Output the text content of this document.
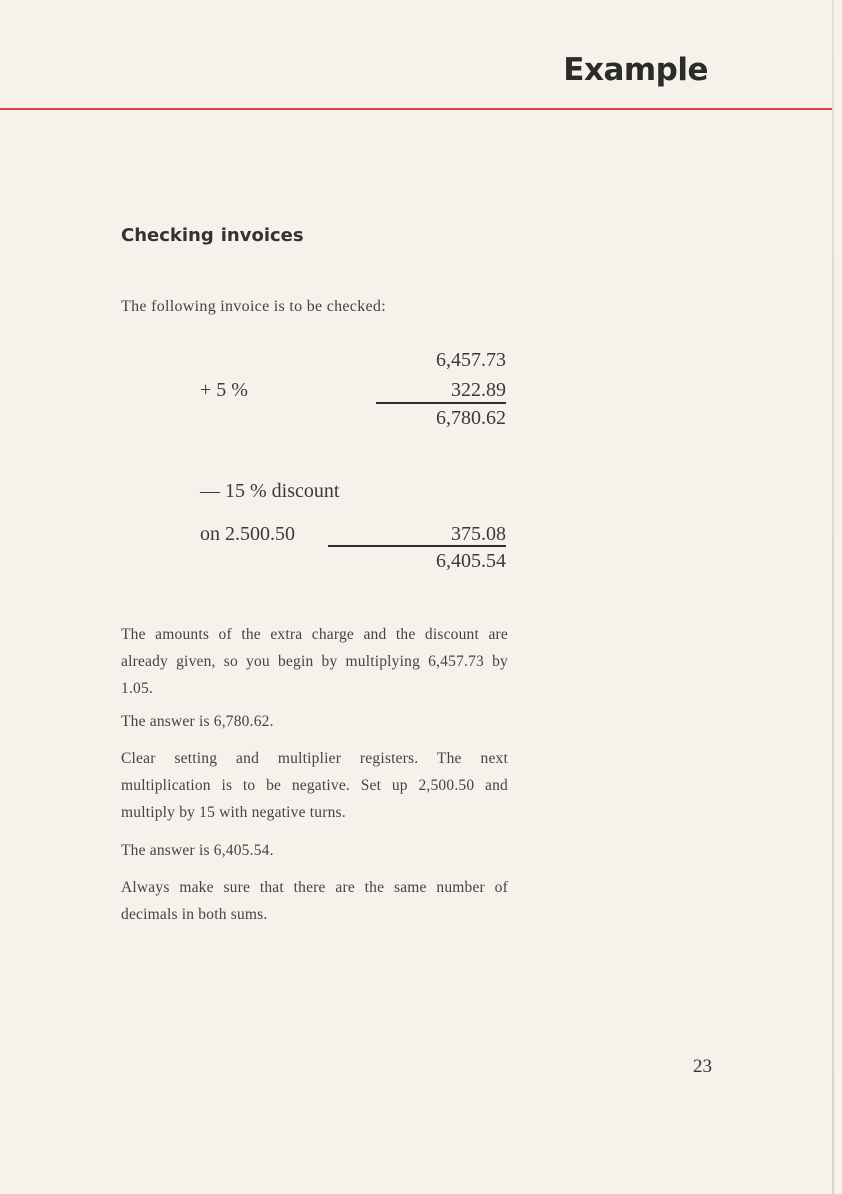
Example
Checking invoices
The following invoice is to be checked:
6,457.73
+ 5 %	322.89
6,780.62
— 15 % discount
on 2.500.50	375.08
6,405.54
The amounts of the extra charge and the discount are already given, so you begin by multiplying 6,457.73 by 1.05.
The answer is 6,780.62.
Clear setting and multiplier registers. The next multiplication is to be negative. Set up 2,500.50 and multiply by 15 with negative turns.
The answer is 6,405.54.
Always make sure that there are the same number of decimals in both sums.
23
